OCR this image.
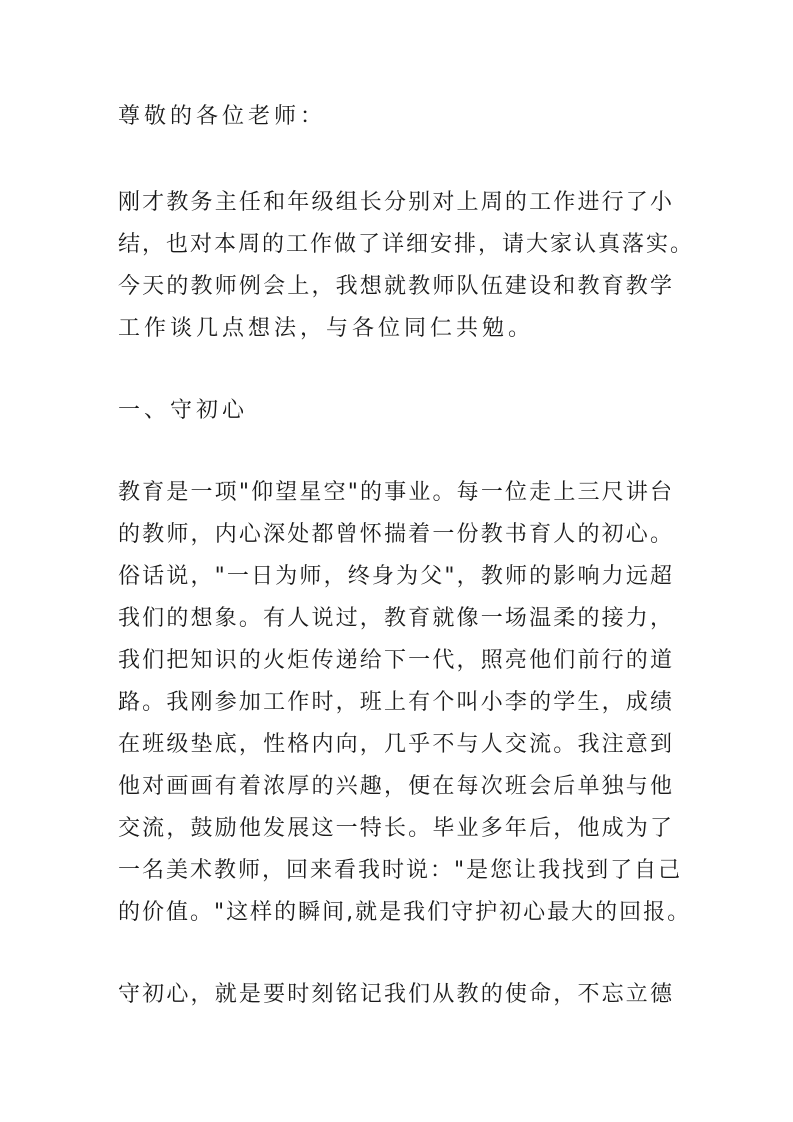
尊敬的各位老师：
刚才教务主任和年级组长分别对上周的工作进行了小
结，也对本周的工作做了详细安排，请大家认真落实。
今天的教师例会上，我想就教师队伍建设和教育教学
工作谈几点想法，与各位同仁共勉。
一、守初心
教育是一项"仰望星空"的事业。每一位走上三尺讲台
的教师，内心深处都曾怀揣着一份教书育人的初心。
俗话说，"一日为师，终身为父"，教师的影响力远超
我们的想象。有人说过，教育就像一场温柔的接力，
我们把知识的火炬传递给下一代，照亮他们前行的道
路。我刚参加工作时，班上有个叫小李的学生，成绩
在班级垫底，性格内向，几乎不与人交流。我注意到
他对画画有着浓厚的兴趣，便在每次班会后单独与他
交流，鼓励他发展这一特长。毕业多年后，他成为了
一名美术教师，回来看我时说："是您让我找到了自己
的价值。"这样的瞬间,就是我们守护初心最大的回报。
守初心，就是要时刻铭记我们从教的使命，不忘立德
